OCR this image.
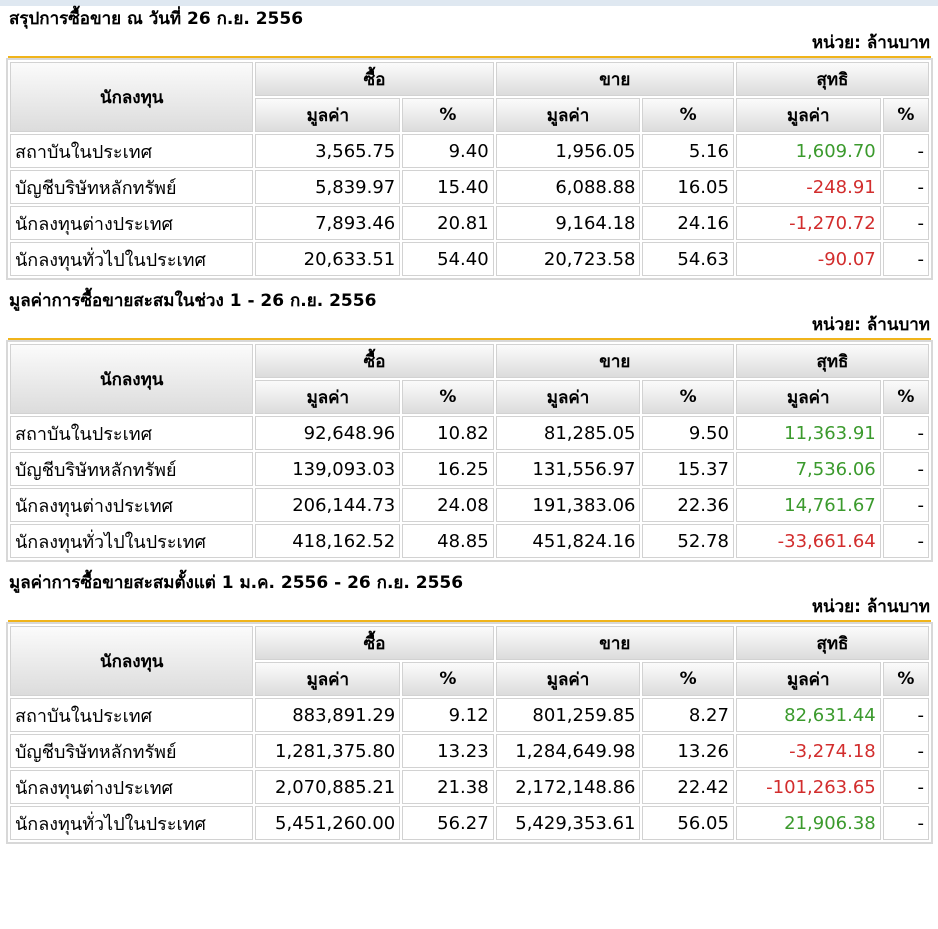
สรุปการซื้อขาย ณ วันที่ 26 ก.ย. 2556
หน่วย: ล้านบาท
นักลงทุน	ซื้อ		ขาย		สุทธิ	
	มูลค่า	%	มูลค่า	%	มูลค่า	%
สถาบันในประเทศ	3,565.75	9.40	1,956.05	5.16	1,609.70	-
บัญชีบริษัทหลักทรัพย์	5,839.97	15.40	6,088.88	16.05	-248.91	-
นักลงทุนต่างประเทศ	7,893.46	20.81	9,164.18	24.16	-1,270.72	-
นักลงทุนทั่วไปในประเทศ	20,633.51	54.40	20,723.58	54.63	-90.07	-
มูลค่าการซื้อขายสะสมในช่วง 1 - 26 ก.ย. 2556
หน่วย: ล้านบาท
นักลงทุน	ซื้อ		ขาย		สุทธิ	
	มูลค่า	%	มูลค่า	%	มูลค่า	%
สถาบันในประเทศ	92,648.96	10.82	81,285.05	9.50	11,363.91	-
บัญชีบริษัทหลักทรัพย์	139,093.03	16.25	131,556.97	15.37	7,536.06	-
นักลงทุนต่างประเทศ	206,144.73	24.08	191,383.06	22.36	14,761.67	-
นักลงทุนทั่วไปในประเทศ	418,162.52	48.85	451,824.16	52.78	-33,661.64	-
มูลค่าการซื้อขายสะสมตั้งแต่ 1 ม.ค. 2556 - 26 ก.ย. 2556
หน่วย: ล้านบาท
นักลงทุน	ซื้อ		ขาย		สุทธิ	
	มูลค่า	%	มูลค่า	%	มูลค่า	%
สถาบันในประเทศ	883,891.29	9.12	801,259.85	8.27	82,631.44	-
บัญชีบริษัทหลักทรัพย์	1,281,375.80	13.23	1,284,649.98	13.26	-3,274.18	-
นักลงทุนต่างประเทศ	2,070,885.21	21.38	2,172,148.86	22.42	-101,263.65	-
นักลงทุนทั่วไปในประเทศ	5,451,260.00	56.27	5,429,353.61	56.05	21,906.38	-
